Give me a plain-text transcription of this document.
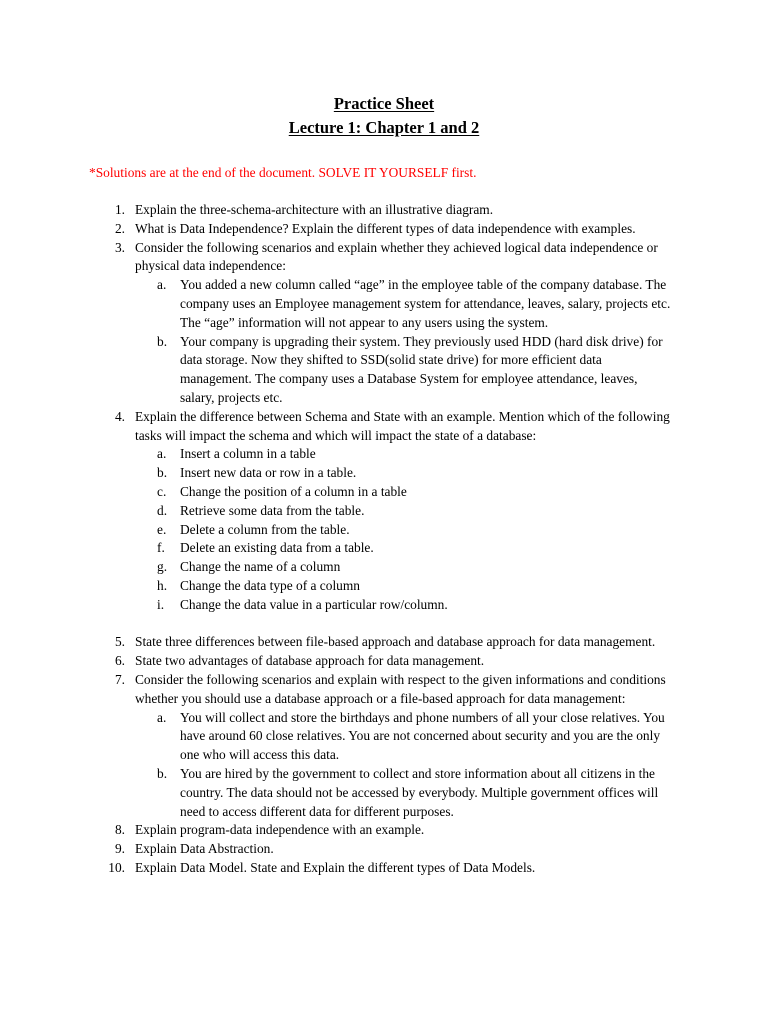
Practice Sheet
Lecture 1: Chapter 1 and 2

*Solutions are at the end of the document. SOLVE IT YOURSELF first.

1. Explain the three-schema-architecture with an illustrative diagram.
2. What is Data Independence? Explain the different types of data independence with examples.
3. Consider the following scenarios and explain whether they achieved logical data independence or physical data independence:
a. You added a new column called “age” in the employee table of the company database. The company uses an Employee management system for attendance, leaves, salary, projects etc. The “age” information will not appear to any users using the system.
b. Your company is upgrading their system. They previously used HDD (hard disk drive) for data storage. Now they shifted to SSD(solid state drive) for more efficient data management. The company uses a Database System for employee attendance, leaves, salary, projects etc.
4. Explain the difference between Schema and State with an example. Mention which of the following tasks will impact the schema and which will impact the state of a database:
a. Insert a column in a table
b. Insert new data or row in a table.
c. Change the position of a column in a table
d. Retrieve some data from the table.
e. Delete a column from the table.
f. Delete an existing data from a table.
g. Change the name of a column
h. Change the data type of a column
i. Change the data value in a particular row/column.
5. State three differences between file-based approach and database approach for data management.
6. State two advantages of database approach for data management.
7. Consider the following scenarios and explain with respect to the given informations and conditions whether you should use a database approach or a file-based approach for data management:
a. You will collect and store the birthdays and phone numbers of all your close relatives. You have around 60 close relatives. You are not concerned about security and you are the only one who will access this data.
b. You are hired by the government to collect and store information about all citizens in the country. The data should not be accessed by everybody. Multiple government offices will need to access different data for different purposes.
8. Explain program-data independence with an example.
9. Explain Data Abstraction.
10. Explain Data Model. State and Explain the different types of Data Models.
